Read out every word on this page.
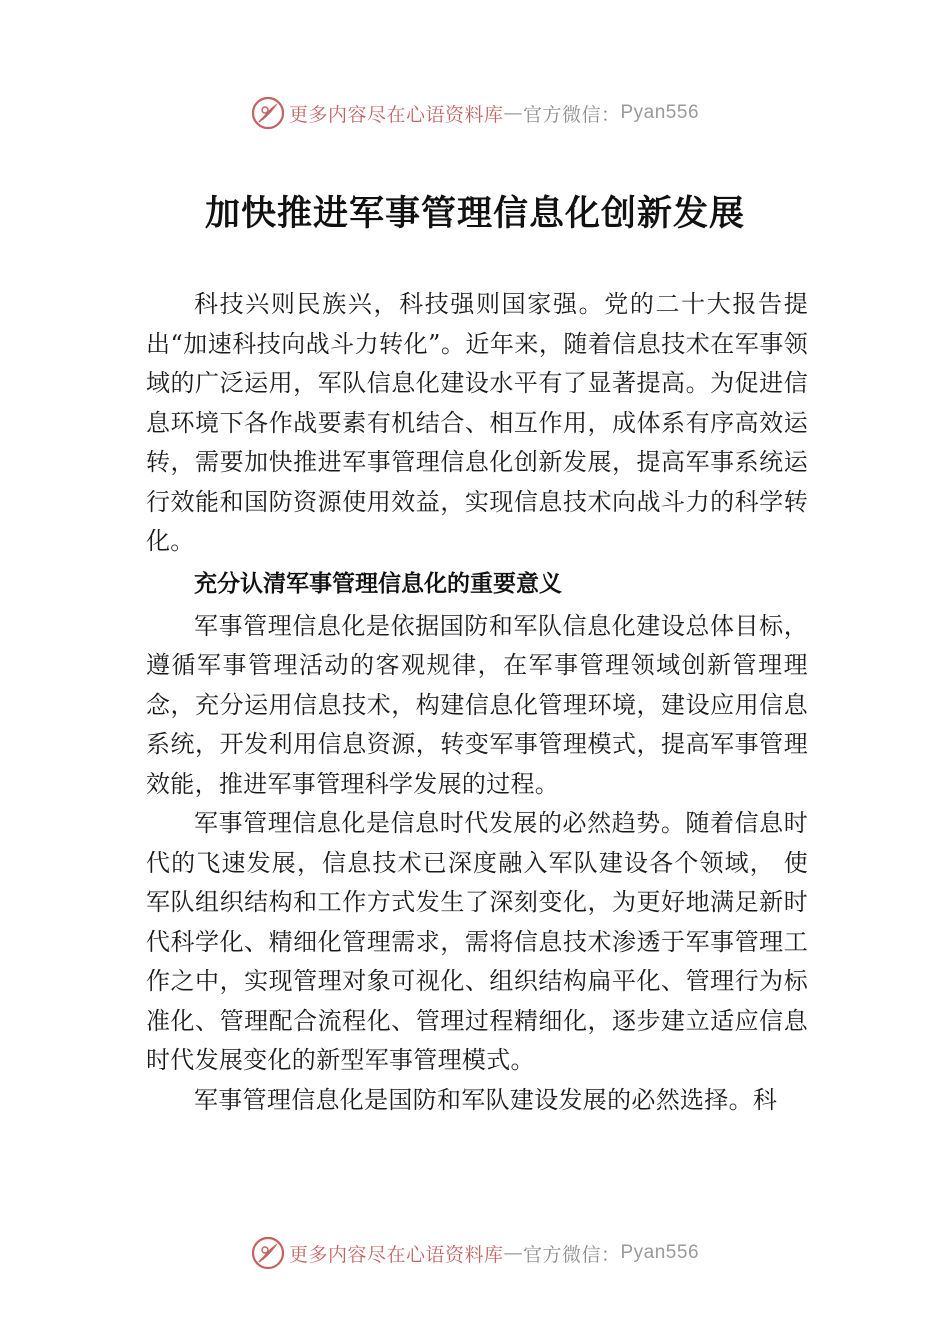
更多内容尽在心语资料库 — 官方微信： Pyan556
加快推进军事管理信息化创新发展

科技兴则民族兴，科技强则国家强。党的二十大报告提出“加速科技向战斗力转化”。近年来，随着信息技术在军事领域的广泛运用，军队信息化建设水平有了显著提高。为促进信息环境下各作战要素有机结合、相互作用，成体系有序高效运转，需要加快推进军事管理信息化创新发展，提高军事系统运行效能和国防资源使用效益，实现信息技术向战斗力的科学转化。

充分认清军事管理信息化的重要意义

军事管理信息化是依据国防和军队信息化建设总体目标，遵循军事管理活动的客观规律，在军事管理领域创新管理理念，充分运用信息技术，构建信息化管理环境，建设应用信息系统，开发利用信息资源，转变军事管理模式，提高军事管理效能，推进军事管理科学发展的过程。

军事管理信息化是信息时代发展的必然趋势。随着信息时代的飞速发展，信息技术已深度融入军队建设各个领域， 使军队组织结构和工作方式发生了深刻变化，为更好地满足新时代科学化、精细化管理需求，需将信息技术渗透于军事管理工作之中，实现管理对象可视化、组织结构扁平化、管理行为标准化、管理配合流程化、管理过程精细化，逐步建立适应信息时代发展变化的新型军事管理模式。

军事管理信息化是国防和军队建设发展的必然选择。科

更多内容尽在心语资料库 — 官方微信： Pyan556
